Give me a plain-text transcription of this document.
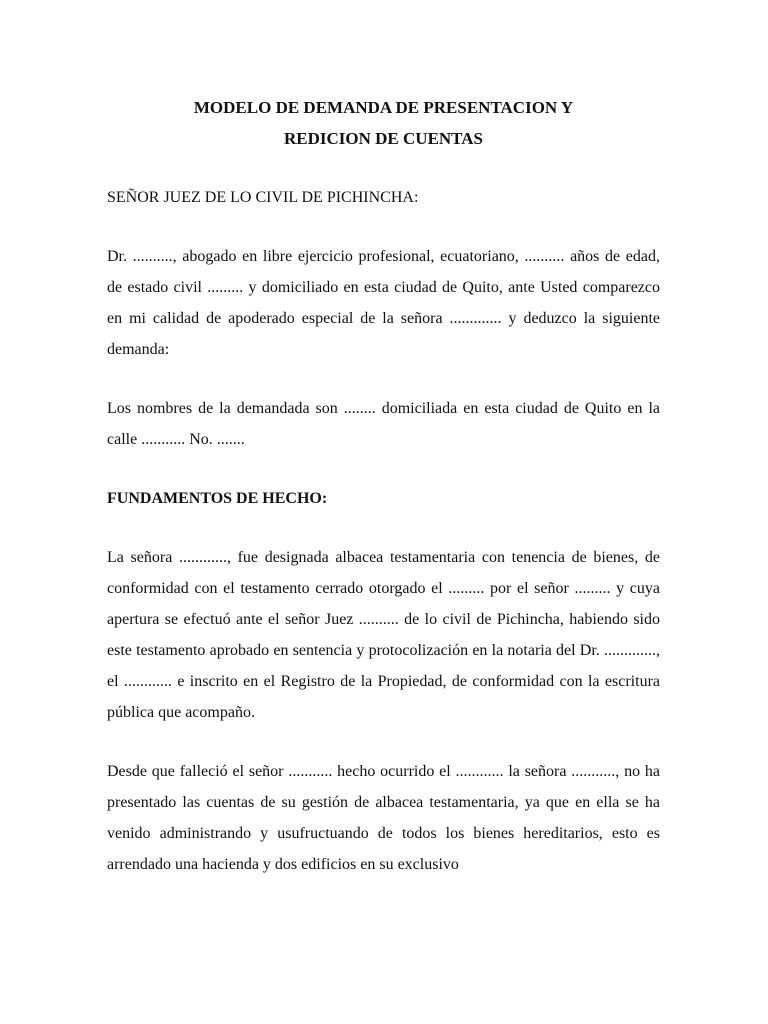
MODELO DE DEMANDA DE PRESENTACION Y
REDICION DE CUENTAS

SEÑOR JUEZ DE LO CIVIL DE PICHINCHA:

Dr. .........., abogado en libre ejercicio profesional, ecuatoriano, .......... años de edad, de estado civil ......... y domiciliado en esta ciudad de Quito, ante Usted comparezco en mi calidad de apoderado especial de la señora ............. y deduzco la siguiente demanda:

Los nombres de la demandada son ........ domiciliada en esta ciudad de Quito en la calle ........... No. .......

FUNDAMENTOS DE HECHO:

La señora ............, fue designada albacea testamentaria con tenencia de bienes, de conformidad con el testamento cerrado otorgado el ......... por el señor ......... y cuya apertura se efectuó ante el señor Juez .......... de lo civil de Pichincha, habiendo sido este testamento aprobado en sentencia y protocolización en la notaria del Dr. ............., el ............ e inscrito en el Registro de la Propiedad, de conformidad con la escritura pública que acompaño.

Desde que falleció el señor ........... hecho ocurrido el ............ la señora ..........., no ha presentado las cuentas de su gestión de albacea testamentaria, ya que en ella se ha venido administrando y usufructuando de todos los bienes hereditarios, esto es arrendado una hacienda y dos edificios en su exclusivo
